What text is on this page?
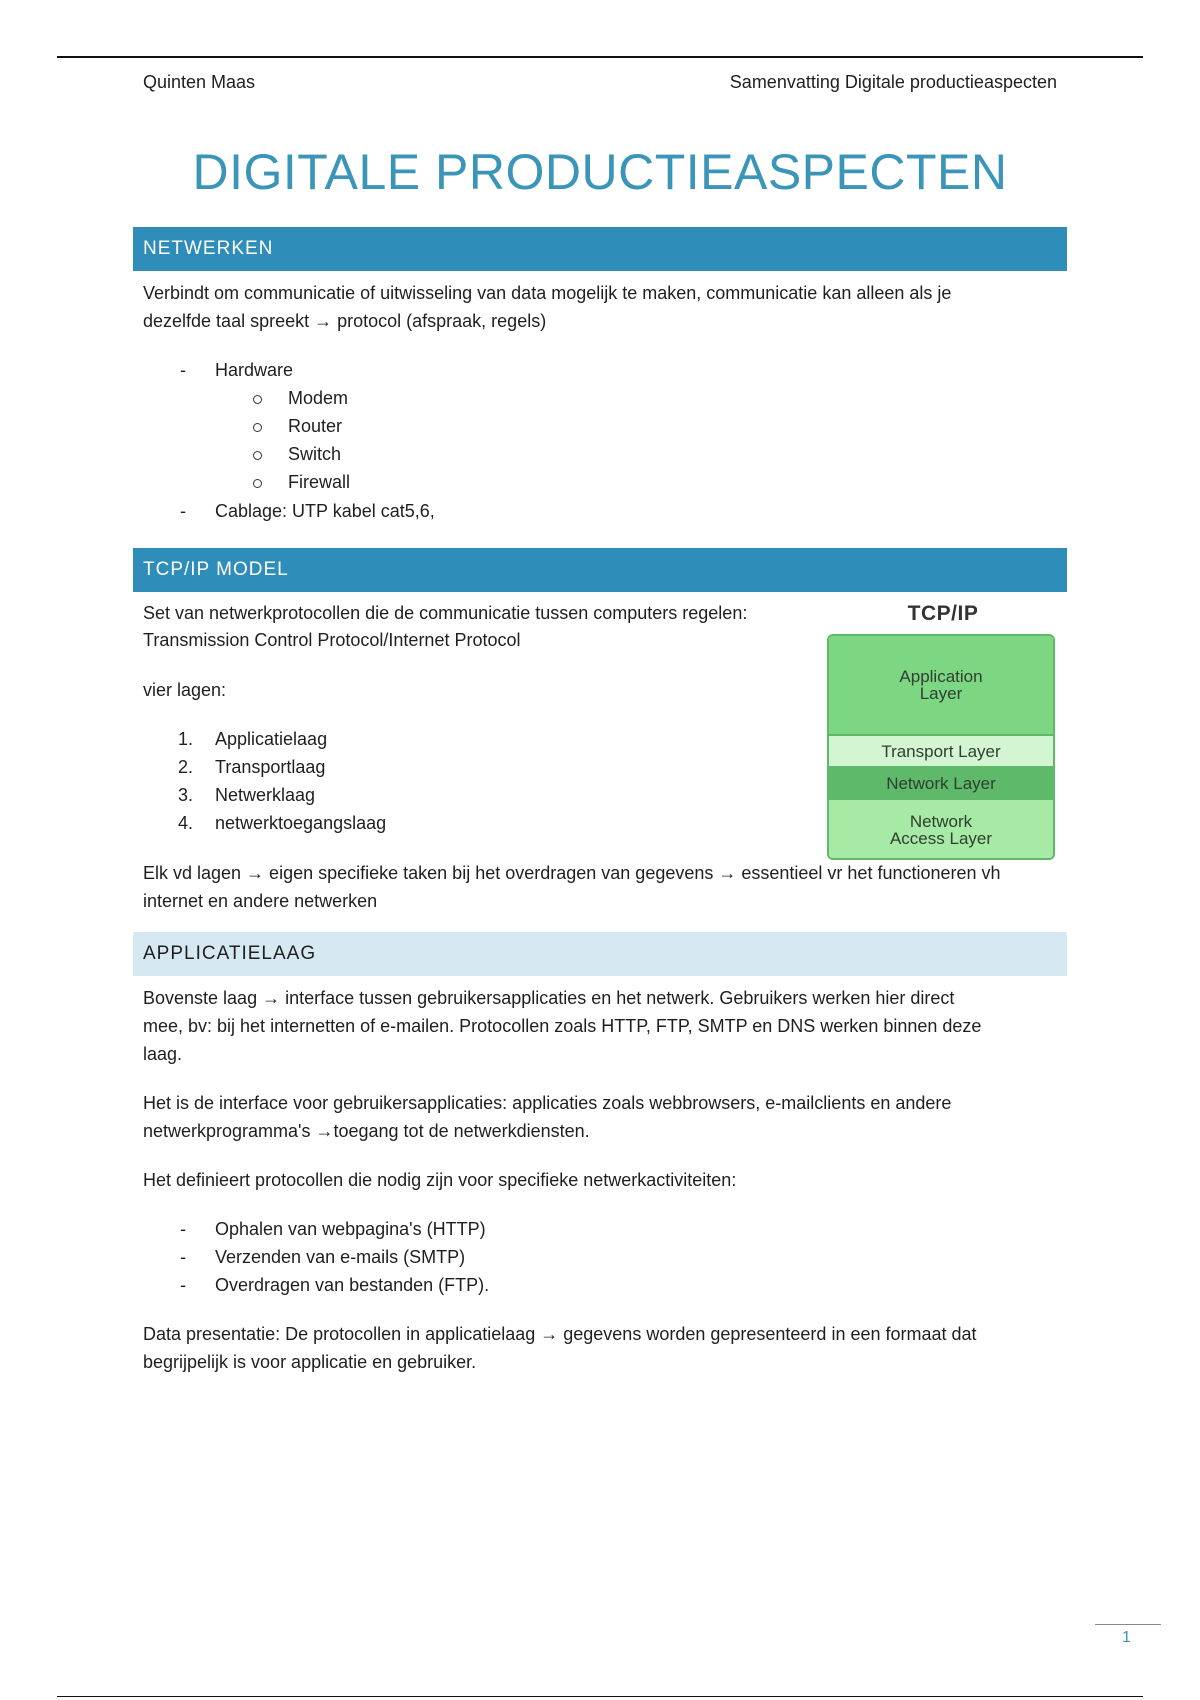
Quinten Maas	Samenvatting Digitale productieaspecten
DIGITALE PRODUCTIEASPECTEN
NETWERKEN

Verbindt om communicatie of uitwisseling van data mogelijk te maken, communicatie kan alleen als je

dezelfde taal spreekt → protocol (afspraak, regels)

- Hardware
Modem
Router
Switch
Firewall
- Cablage: UTP kabel cat5,6,
TCP/IP MODEL

Set van netwerkprotocollen die de communicatie tussen computers regelen:

Transmission Control Protocol/Internet Protocol

vier lagen:

1. Applicatielaag
2. Transportlaag
3. Netwerklaag
4. netwerktoegangslaag
TCP/IP
Application
Layer
Transport Layer
Network Layer
Network
Access Layer

Elk vd lagen → eigen specifieke taken bij het overdragen van gegevens → essentieel vr het functioneren vh

internet en andere netwerken

APPLICATIELAAG

Bovenste laag → interface tussen gebruikersapplicaties en het netwerk. Gebruikers werken hier direct

mee, bv: bij het internetten of e-mailen. Protocollen zoals HTTP, FTP, SMTP en DNS werken binnen deze

laag.

Het is de interface voor gebruikersapplicaties: applicaties zoals webbrowsers, e-mailclients en andere

netwerkprogramma's →toegang tot de netwerkdiensten.

Het definieert protocollen die nodig zijn voor specifieke netwerkactiviteiten:

- Ophalen van webpagina's (HTTP)
- Verzenden van e-mails (SMTP)
- Overdragen van bestanden (FTP).

Data presentatie: De protocollen in applicatielaag → gegevens worden gepresenteerd in een formaat dat

begrijpelijk is voor applicatie en gebruiker.

1
